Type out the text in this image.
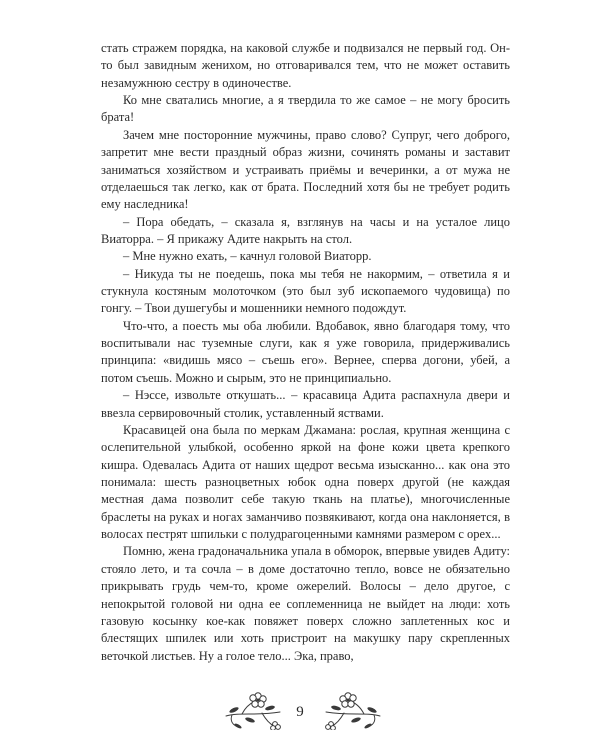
стать стражем порядка, на каковой службе и подвизался не первый год. Он-то был завидным женихом, но отговаривался тем, что не может оставить незамужнюю сестру в одиночестве.

Ко мне сватались многие, а я твердила то же самое – не могу бросить брата!

Зачем мне посторонние мужчины, право слово? Супруг, чего доброго, запретит мне вести праздный образ жизни, сочинять романы и заставит заниматься хозяйством и устраивать приёмы и вечеринки, а от мужа не отделаешься так легко, как от брата. Последний хотя бы не требует родить ему наследника!

– Пора обедать, – сказала я, взглянув на часы и на усталое лицо Виаторра. – Я прикажу Адите накрыть на стол.

– Мне нужно ехать, – качнул головой Виаторр.

– Никуда ты не поедешь, пока мы тебя не накормим, – ответила я и стукнула костяным молоточком (это был зуб ископаемого чудовища) по гонгу. – Твои душегубы и мошенники немного подождут.

Что-что, а поесть мы оба любили. Вдобавок, явно благодаря тому, что воспитывали нас туземные слуги, как я уже говорила, придерживались принципа: «видишь мясо – съешь его». Вернее, сперва догони, убей, а потом съешь. Можно и сырым, это не принципиально.

– Нэссе, извольте откушать... – красавица Адита распахнула двери и ввезла сервировочный столик, уставленный яствами.

Красавицей она была по меркам Джамана: рослая, крупная женщина с ослепительной улыбкой, особенно яркой на фоне кожи цвета крепкого кишра. Одевалась Адита от наших щедрот весьма изысканно... как она это понимала: шесть разноцветных юбок одна поверх другой (не каждая местная дама позволит себе такую ткань на платье), многочисленные браслеты на руках и ногах заманчиво позвякивают, когда она наклоняется, в волосах пестрят шпильки с полудрагоценными камнями размером с орех...

Помню, жена градоначальника упала в обморок, впервые увидев Адиту: стояло лето, и та сочла – в доме достаточно тепло, вовсе не обязательно прикрывать грудь чем-то, кроме ожерелий. Волосы – дело другое, с непокрытой головой ни одна ее соплеменница не выйдет на люди: хоть газовую косынку кое-как повяжет поверх сложно заплетенных кос и блестящих шпилек или хоть пристроит на макушку пару скрепленных веточкой листьев. Ну а голое тело... Эка, право,

9
